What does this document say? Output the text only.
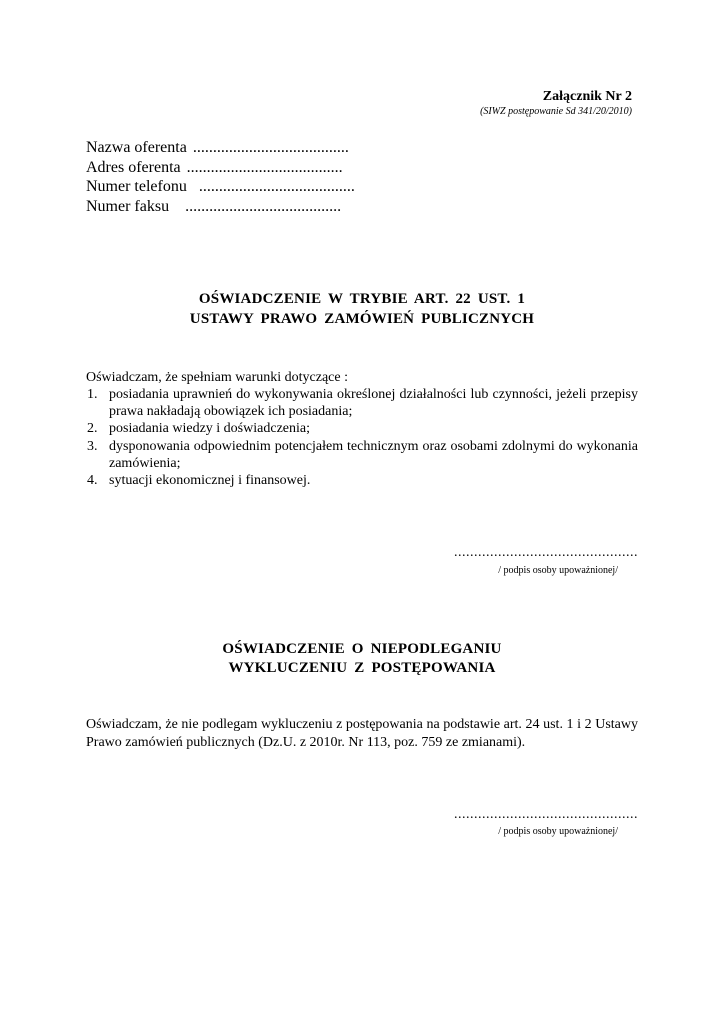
Załącznik Nr 2
(SIWZ postępowanie Sd 341/20/2010)
Nazwa oferenta .......................................
Adres oferenta .......................................
Numer telefonu .......................................
Numer faksu .......................................
OŚWIADCZENIE W TRYBIE ART. 22 UST. 1
USTAWY PRAWO ZAMÓWIEŃ PUBLICZNYCH
Oświadczam, że spełniam warunki dotyczące :
1. posiadania uprawnień do wykonywania określonej działalności lub czynności, jeżeli przepisy prawa nakładają obowiązek ich posiadania;
2. posiadania wiedzy i doświadczenia;
3. dysponowania odpowiednim potencjałem technicznym oraz osobami zdolnymi do wykonania zamówienia;
4. sytuacji ekonomicznej i finansowej.
..............................................
/ podpis osoby upoważnionej/
OŚWIADCZENIE O NIEPODLEGANIU
WYKLUCZENIU Z POSTĘPOWANIA
Oświadczam, że nie podlegam wykluczeniu z postępowania na podstawie art. 24 ust. 1 i 2 Ustawy Prawo zamówień publicznych (Dz.U. z 2010r. Nr 113, poz. 759 ze zmianami).
..............................................
/ podpis osoby upoważnionej/
